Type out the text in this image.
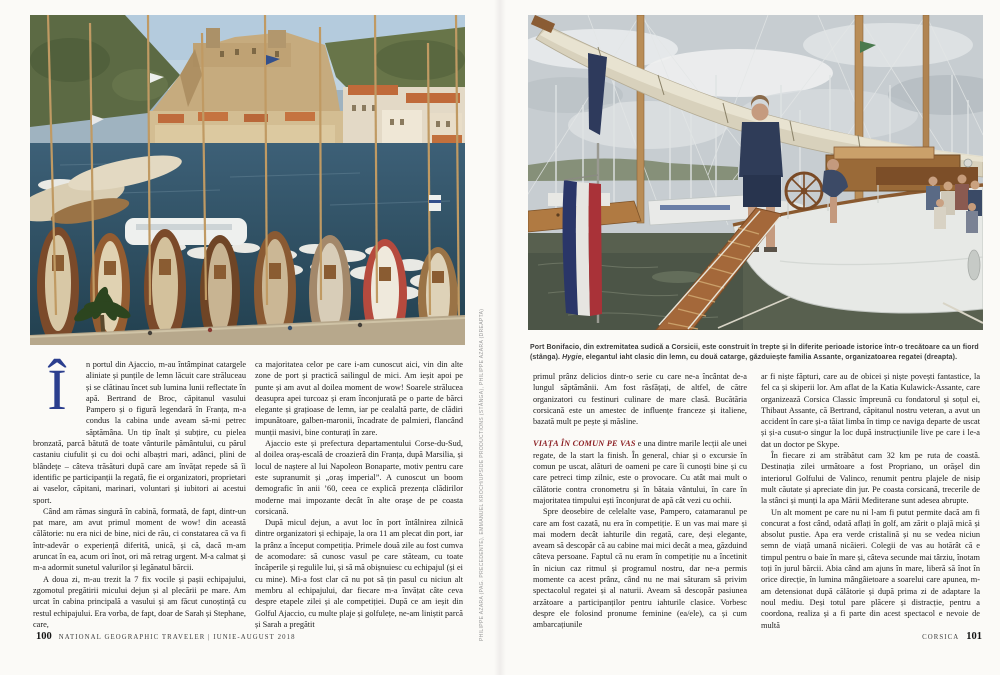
Port Bonifacio, din extremitatea sudică a Corsicii, este construit în trepte și în diferite perioade istorice într-o trecătoare ca un fiord (stânga). Hygie, elegantul iaht clasic din lemn, cu două catarge, găzduiește familia Assante, organizatoarea regatei (dreapta).

Î	n portul din Ajaccio, m-au întâmpinat catargele aliniate și punțile de lemn lăcuit care străluceau și se clătinau încet sub lumina lunii reflectate în apă. Bertrand de Broc, căpitanul vasului Pampero și o figură legendară în Franța, m-a condus la cabina unde aveam să-mi petrec săptămâna. Un tip înalt și subțire, cu pielea bronzată, parcă bătută de toate vânturile pământului, cu părul castaniu ciufulit și cu doi ochi albaștri mari, adânci, plini de blândețe – câteva trăsături după care am învățat repede să îi identific pe participanții la regată, fie ei organizatori, proprietari ai vaselor, căpitani, marinari, voluntari și iubitori ai acestui sport.

Când am rămas singură în cabină, formată, de fapt, dintr-un pat mare, am avut primul moment de wow! din această călătorie: nu era nici de bine, nici de rău, ci constatarea că va fi într-adevăr o experiență diferită, unică, și că, dacă m-am aruncat în ea, acum ori înot, ori mă retrag urgent. M-a calmat și m-a adormit sunetul valurilor și legănatul bărcii.

A doua zi, m-au trezit la 7 fix vocile și pașii echipajului, zgomotul pregătirii micului dejun și al plecării pe mare. Am urcat în cabina principală a vasului și am făcut cunoștință cu restul echipajului. Era vorba, de fapt, doar de Sarah și Stephane, care,

ca majoritatea celor pe care i-am cunoscut aici, vin din alte zone de port și practică sailingul de mici. Am ieșit apoi pe punte și am avut al doilea moment de wow! Soarele strălucea deasupra apei turcoaz și eram înconjurată pe o parte de bărci elegante și grațioase de lemn, iar pe cealaltă parte, de clădiri impunătoare, galben-maronii, încadrate de palmieri, flancând munții masivi, bine conturați în zare.

Ajaccio este și prefectura departamentului Corse-du-Sud, al doilea oraș-escală de croazieră din Franța, după Marsilia, și locul de naștere al lui Napoleon Bonaparte, motiv pentru care este supranumit și „oraș imperial”. A cunoscut un boom demografic în anii ’60, ceea ce explică prezența clădirilor moderne mai impozante decât în alte orașe de pe coasta corsicană.

După micul dejun, a avut loc în port întâlnirea zilnică dintre organizatori și echipaje, la ora 11 am plecat din port, iar la prânz a început competiția. Primele două zile au fost cumva de acomodare: să cunosc vasul pe care stăteam, cu toate încăperile și regulile lui, și să mă obișnuiesc cu echipajul (și ei cu mine). Mi-a fost clar că nu pot să țin pasul cu niciun alt membru al echipajului, dar fiecare m-a învățat câte ceva despre etapele zilei și ale competiției. După ce am ieșit din Golful Ajaccio, cu multe plaje și golfulețe, ne-am liniștit parcă și Sarah a pregătit

primul prânz delicios dintr-o serie cu care ne-a încântat de-a lungul săptămânii. Am fost răsfățați, de altfel, de către organizatori cu festinuri culinare de mare clasă. Bucătăria corsicană este un amestec de influențe franceze și italiene, bazată mult pe pește și măsline.

VIAȚA ÎN COMUN PE VAS e una dintre marile lecții ale unei regate, de la start la finish. În general, chiar și o excursie în comun pe uscat, alături de oameni pe care îi cunoști bine și cu care petreci timp zilnic, este o provocare. Cu atât mai mult o călătorie contra cronometru și în bătaia vântului, în care în majoritatea timpului ești înconjurat de apă cât vezi cu ochii.

Spre deosebire de celelalte vase, Pampero, catamaranul pe care am fost cazată, nu era în competiție. E un vas mai mare și mai modern decât iahturile din regată, care, deși elegante, aveam să descopăr că au cabine mai mici decât a mea, găzduind câteva persoane. Faptul că nu eram în competiție nu a încetinit în niciun caz ritmul și programul nostru, dar ne-a permis momente ca acest prânz, când nu ne mai săturam să privim spectacolul regatei și al naturii. Aveam să descopăr pasiunea arzătoare a participanților pentru iahturile clasice. Vorbesc despre ele folosind pronume feminine (ea/ele), ca și cum ambarcațiunile

ar fi niște făpturi, care au de obicei și niște povești fantastice, la fel ca și skiperii lor. Am aflat de la Katia Kulawick-Assante, care organizează Corsica Classic împreună cu fondatorul și soțul ei, Thibaut Assante, că Bertrand, căpitanul nostru veteran, a avut un accident în care și-a tăiat limba în timp ce naviga departe de uscat și și-a cusut-o singur la loc după instrucțiunile live pe care i le-a dat un doctor pe Skype.

În fiecare zi am străbătut cam 32 km pe ruta de coastă. Destinația zilei următoare a fost Propriano, un orășel din interiorul Golfului de Valinco, renumit pentru plajele de nisip mult căutate și apreciate din jur. Pe coasta corsicană, trecerile de la stânci și munți la apa Mării Mediterane sunt adesea abrupte.

Un alt moment pe care nu ni l-am fi putut permite dacă am fi concurat a fost când, odată aflați în golf, am zărit o plajă mică și absolut pustie. Apa era verde cristalină și nu se vedea niciun semn de viață umană nicăieri. Colegii de vas au hotărât că e timpul pentru o baie în mare și, câteva secunde mai târziu, înotam toți în jurul bărcii. Abia când am ajuns în mare, liberă să înot în orice direcție, în lumina mângâietoare a soarelui care apunea, m-am detensionat după călătorie și după prima zi de adaptare la noul mediu. Deși totul pare plăcere și distracție, pentru a coordona, realiza și a fi parte din acest spectacol e nevoie de multă

PHILIPPE AZARA (PAG. PRECEDENTE), EMMANUEL KROCH/UPSIDE PRODUCTIONS (STÂNGA), PHILIPPE AZARA (DREAPTA)
100 NATIONAL GEOGRAPHIC TRAVELER | IUNIE-AUGUST 2018	CORSICA 101
